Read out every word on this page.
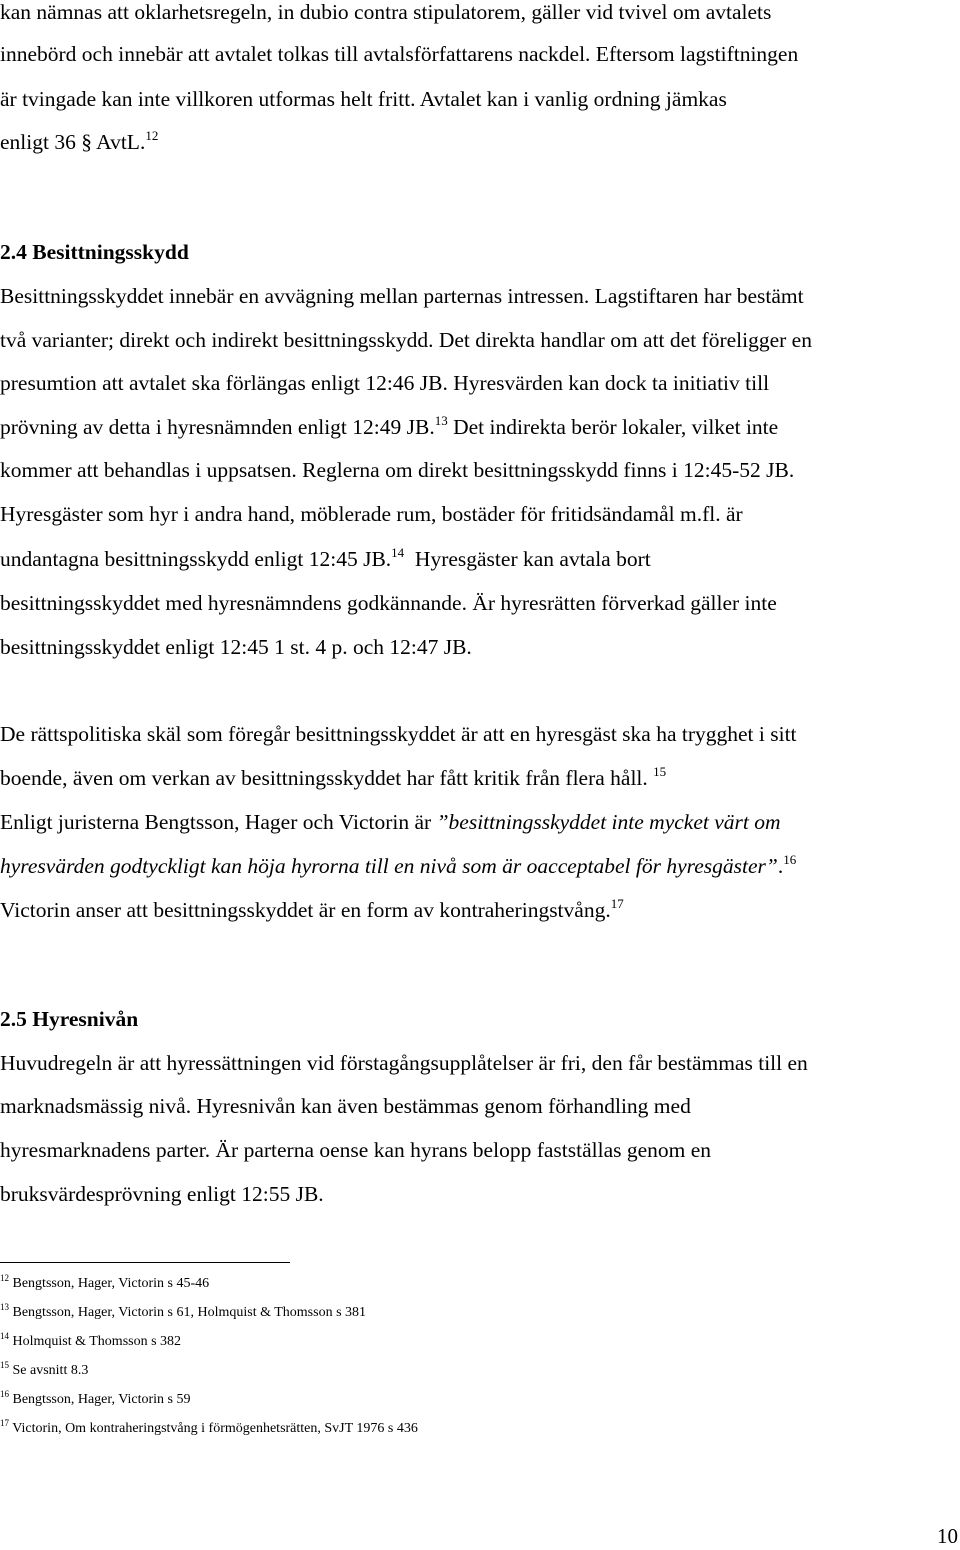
kan nämnas att oklarhetsregeln, in dubio contra stipulatorem, gäller vid tvivel om avtalets
innebörd och innebär att avtalet tolkas till avtalsförfattarens nackdel. Eftersom lagstiftningen
är tvingade kan inte villkoren utformas helt fritt. Avtalet kan i vanlig ordning jämkas
enligt 36 § AvtL.$^{12}$
2.4 Besittningsskydd
Besittningsskyddet innebär en avvägning mellan parternas intressen. Lagstiftaren har bestämt
två varianter; direkt och indirekt besittningsskydd. Det direkta handlar om att det föreligger en
presumtion att avtalet ska förlängas enligt 12:46 JB. Hyresvärden kan dock ta initiativ till
prövning av detta i hyresnämnden enligt 12:49 JB.$^{13}$ Det indirekta berör lokaler, vilket inte
kommer att behandlas i uppsatsen. Reglerna om direkt besittningsskydd finns i 12:45-52 JB.
Hyresgäster som hyr i andra hand, möblerade rum, bostäder för fritidsändamål m.fl. är
undantagna besittningsskydd enligt 12:45 JB.$^{14}$  Hyresgäster kan avtala bort
besittningsskyddet med hyresnämndens godkännande. Är hyresrätten förverkad gäller inte
besittningsskyddet enligt 12:45 1 st. 4 p. och 12:47 JB.
De rättspolitiska skäl som föregår besittningsskyddet är att en hyresgäst ska ha trygghet i sitt
boende, även om verkan av besittningsskyddet har fått kritik från flera håll. $^{15}$
Enligt juristerna Bengtsson, Hager och Victorin är ”besittningsskyddet inte mycket värt om
hyresvärden godtyckligt kan höja hyrorna till en nivå som är oacceptabel för hyresgäster”.$^{16}$
Victorin anser att besittningsskyddet är en form av kontraheringstvång.$^{17}$
2.5 Hyresnivån
Huvudregeln är att hyressättningen vid förstagångsupplåtelser är fri, den får bestämmas till en
marknadsmässig nivå. Hyresnivån kan även bestämmas genom förhandling med
hyresmarknadens parter. Är parterna oense kan hyrans belopp fastställas genom en
bruksvärdesprövning enligt 12:55 JB.
$^{12}$ Bengtsson, Hager, Victorin s 45-46
$^{13}$ Bengtsson, Hager, Victorin s 61, Holmquist & Thomsson s 381
$^{14}$ Holmquist & Thomsson s 382
$^{15}$ Se avsnitt 8.3
$^{16}$ Bengtsson, Hager, Victorin s 59
$^{17}$ Victorin, Om kontraheringstvång i förmögenhetsrätten, SvJT 1976 s 436
10
